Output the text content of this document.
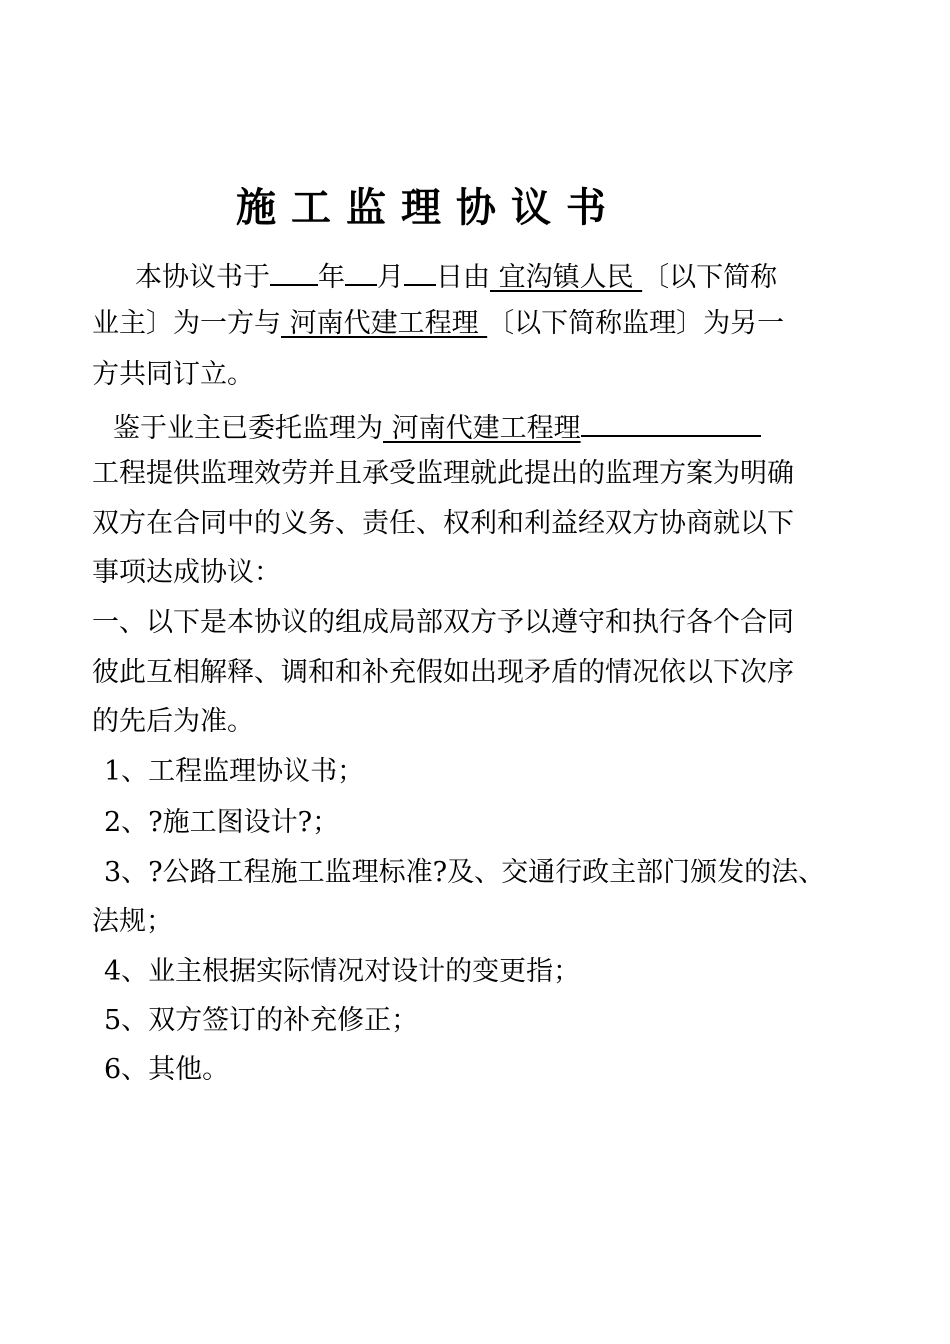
施工监理协议书
本协议书于 年 月 日由 宜沟镇人民 〔以下简称
业主〕为一方与 河南代建工程理 〔以下简称监理〕为另一
方共同订立。
鉴于业主已委托监理为 河南代建工程理
工程提供监理效劳并且承受监理就此提出的监理方案为明确
双方在合同中的义务、责任、权利和利益经双方协商就以下
事项达成协议：
一、以下是本协议的组成局部双方予以遵守和执行各个合同
彼此互相解释、调和和补充假如出现矛盾的情况依以下次序
的先后为准。
1、工程监理协议书；
2、?施工图设计?；
3、?公路工程施工监理标准?及、交通行政主部门颁发的法、
法规；
4、业主根据实际情况对设计的变更指；
5、双方签订的补充修正；
6、其他。
